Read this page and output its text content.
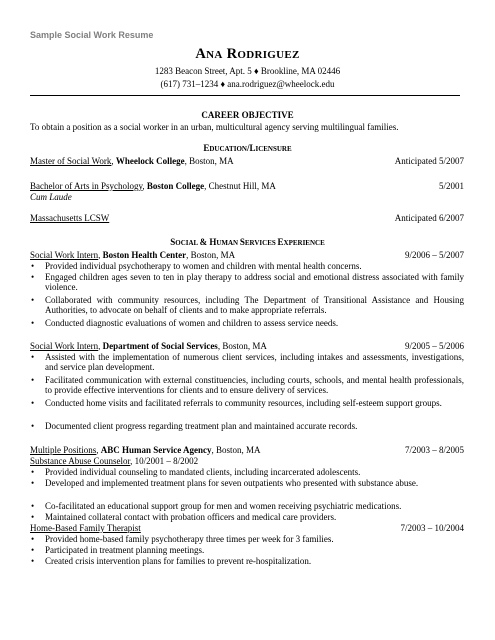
Sample Social Work Resume
ANA RODRIGUEZ
1283 Beacon Street, Apt. 5 ♦ Brookline, MA 02446
(617) 731–1234 ♦ ana.rodriguez@wheelock.edu
CAREER OBJECTIVE
To obtain a position as a social worker in an urban, multicultural agency serving multilingual families.
EDUCATION/LICENSURE
Master of Social Work, Wheelock College, Boston, MA	Anticipated 5/2007
Bachelor of Arts in Psychology, Boston College, Chestnut Hill, MA	5/2001
Cum Laude
Massachusetts LCSW	Anticipated 6/2007
SOCIAL & HUMAN SERVICES EXPERIENCE
Social Work Intern, Boston Health Center, Boston, MA	9/2006 – 5/2007
• Provided individual psychotherapy to women and children with mental health concerns.
• Engaged children ages seven to ten in play therapy to address social and emotional distress associated with family violence.
• Collaborated with community resources, including The Department of Transitional Assistance and Housing Authorities, to advocate on behalf of clients and to make appropriate referrals.
• Conducted diagnostic evaluations of women and children to assess service needs.
Social Work Intern, Department of Social Services, Boston, MA	9/2005 – 5/2006
• Assisted with the implementation of numerous client services, including intakes and assessments, investigations, and service plan development.
• Facilitated communication with external constituencies, including courts, schools, and mental health professionals, to provide effective interventions for clients and to ensure delivery of services.
• Conducted home visits and facilitated referrals to community resources, including self-esteem support groups.
• Documented client progress regarding treatment plan and maintained accurate records.
Multiple Positions, ABC Human Service Agency, Boston, MA	7/2003 – 8/2005
Substance Abuse Counselor, 10/2001 – 8/2002
• Provided individual counseling to mandated clients, including incarcerated adolescents.
• Developed and implemented treatment plans for seven outpatients who presented with substance abuse.
• Co-facilitated an educational support group for men and women receiving psychiatric medications.
• Maintained collateral contact with probation officers and medical care providers.
Home-Based Family Therapist	7/2003 – 10/2004
• Provided home-based family psychotherapy three times per week for 3 families.
• Participated in treatment planning meetings.
• Created crisis intervention plans for families to prevent re-hospitalization.
